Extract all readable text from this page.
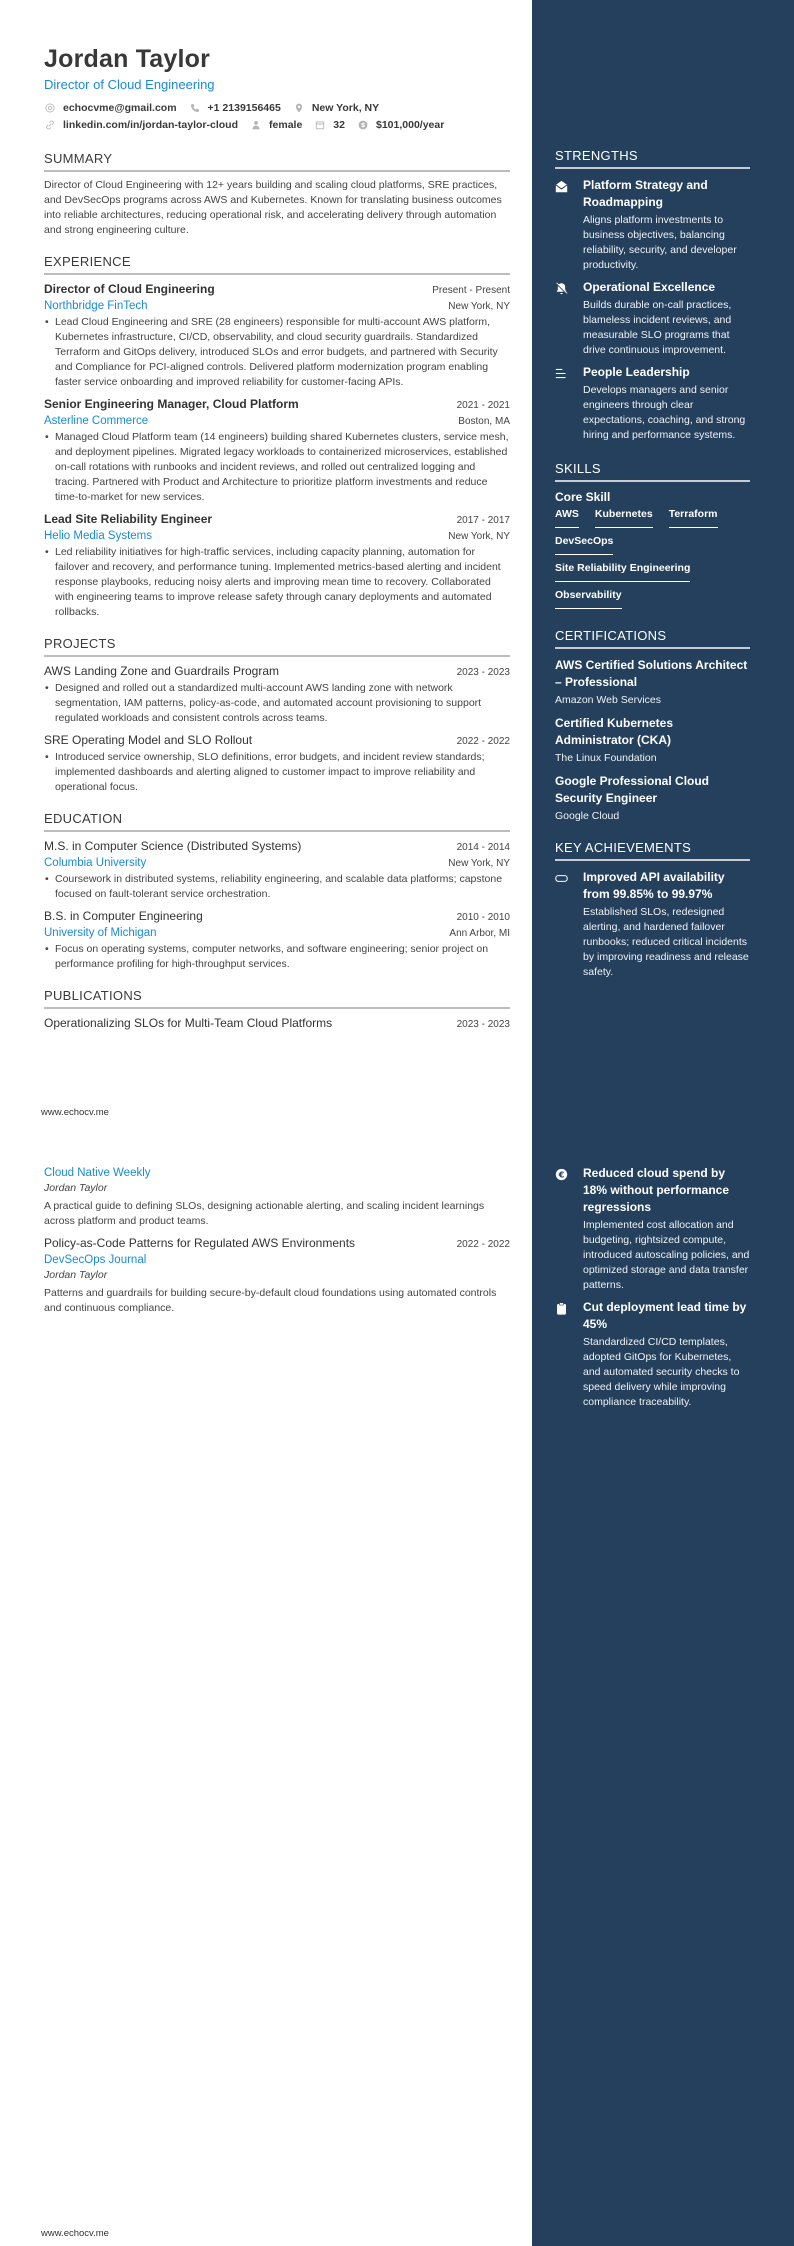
Jordan Taylor
Director of Cloud Engineering
echocvme@gmail.com	+1 2139156465	New York, NY
linkedin.com/in/jordan-taylor-cloud	female	32 $ $101,000/year
SUMMARY

Director of Cloud Engineering with 12+ years building and scaling cloud platforms, SRE practices, and DevSecOps programs across AWS and Kubernetes. Known for translating business outcomes into reliable architectures, reducing operational risk, and accelerating delivery through automation and strong engineering culture.

EXPERIENCE
Director of Cloud Engineering	Present - Present
Northbridge FinTech	New York, NY
• Lead Cloud Engineering and SRE (28 engineers) responsible for multi-account AWS platform, Kubernetes infrastructure, CI/CD, observability, and cloud security guardrails. Standardized Terraform and GitOps delivery, introduced SLOs and error budgets, and partnered with Security and Compliance for PCI-aligned controls. Delivered platform modernization program enabling faster service onboarding and improved reliability for customer-facing APIs.
Senior Engineering Manager, Cloud Platform	2021 - 2021
Asterline Commerce	Boston, MA
• Managed Cloud Platform team (14 engineers) building shared Kubernetes clusters, service mesh, and deployment pipelines. Migrated legacy workloads to containerized microservices, established on-call rotations with runbooks and incident reviews, and rolled out centralized logging and tracing. Partnered with Product and Architecture to prioritize platform investments and reduce time-to-market for new services.
Lead Site Reliability Engineer	2017 - 2017
Helio Media Systems	New York, NY
• Led reliability initiatives for high-traffic services, including capacity planning, automation for failover and recovery, and performance tuning. Implemented metrics-based alerting and incident response playbooks, reducing noisy alerts and improving mean time to recovery. Collaborated with engineering teams to improve release safety through canary deployments and automated rollbacks.
PROJECTS
AWS Landing Zone and Guardrails Program	2023 - 2023
• Designed and rolled out a standardized multi-account AWS landing zone with network segmentation, IAM patterns, policy-as-code, and automated account provisioning to support regulated workloads and consistent controls across teams.
SRE Operating Model and SLO Rollout	2022 - 2022
• Introduced service ownership, SLO definitions, error budgets, and incident review standards; implemented dashboards and alerting aligned to customer impact to improve reliability and operational focus.
EDUCATION
M.S. in Computer Science (Distributed Systems)	2014 - 2014
Columbia University	New York, NY
• Coursework in distributed systems, reliability engineering, and scalable data platforms; capstone focused on fault-tolerant service orchestration.
B.S. in Computer Engineering	2010 - 2010
University of Michigan	Ann Arbor, MI
• Focus on operating systems, computer networks, and software engineering; senior project on performance profiling for high-throughput services.
PUBLICATIONS
Operationalizing SLOs for Multi-Team Cloud Platforms	2023 - 2023
www.echocv.me
Cloud Native Weekly
Jordan Taylor

A practical guide to defining SLOs, designing actionable alerting, and scaling incident learnings across platform and product teams.

Policy-as-Code Patterns for Regulated AWS Environments	2022 - 2022
DevSecOps Journal
Jordan Taylor

Patterns and guardrails for building secure-by-default cloud foundations using automated controls and continuous compliance.

www.echocv.me
STRENGTHS
Platform Strategy and Roadmapping
Aligns platform investments to business objectives, balancing reliability, security, and developer productivity.
Operational Excellence
Builds durable on-call practices, blameless incident reviews, and measurable SLO programs that drive continuous improvement.
People Leadership
Develops managers and senior engineers through clear expectations, coaching, and strong hiring and performance systems.
SKILLS
Core Skill
AWS Kubernetes Terraform
DevSecOps
Site Reliability Engineering
Observability
CERTIFICATIONS
AWS Certified Solutions Architect – Professional
Amazon Web Services
Certified Kubernetes Administrator (CKA)
The Linux Foundation
Google Professional Cloud Security Engineer
Google Cloud
KEY ACHIEVEMENTS
Improved API availability from 99.85% to 99.97%
Established SLOs, redesigned alerting, and hardened failover runbooks; reduced critical incidents by improving readiness and release safety.
€ Reduced cloud spend by 18% without performance regressions
Implemented cost allocation and budgeting, rightsized compute, introduced autoscaling policies, and optimized storage and data transfer patterns.
Cut deployment lead time by 45%
Standardized CI/CD templates, adopted GitOps for Kubernetes, and automated security checks to speed delivery while improving compliance traceability.
